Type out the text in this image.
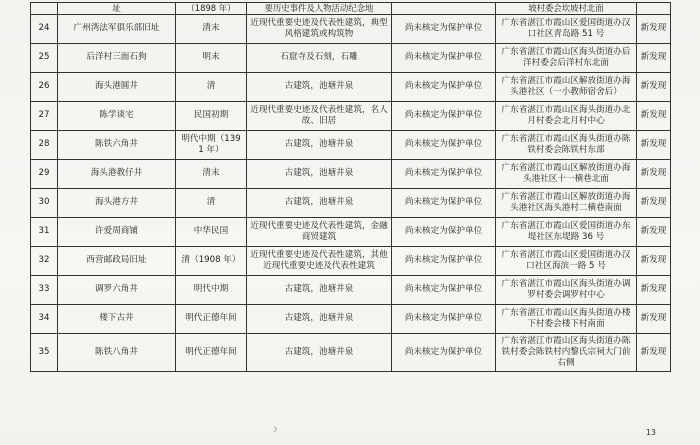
	址	（1898 年）	要历史事件及人物活动纪念地		坡村委会坎坡村北面	
24	广州湾法军俱乐部旧址	清末	近现代重要史迹及代表性建筑，典型风格建筑或构筑物	尚未核定为保护单位	广东省湛江市霞山区爱国街道办汉口社区青岛路 51 号	新发现
25	后洋村三面石狗	明末	石窟寺及石刻，石雕	尚未核定为保护单位	广东省湛江市霞山区海头街道办后洋村委会后洋村东北面	新发现
26	海头港圆井	清	古建筑，池塘井泉	尚未核定为保护单位	广东省湛江市霞山区解放街道办海头港社区（一小教师宿舍后）	新发现
27	陈学谈宅	民国初期	近现代重要史迹及代表性建筑，名人故、旧居	尚未核定为保护单位	广东省湛江市霞山区海头街道办北月村委会北月村中心	新发现
28	陈铁六角井	明代中期（1391 年）	古建筑，池塘井泉	尚未核定为保护单位	广东省湛江市霞山区海头街道办陈铁村委会陈铁村东部	新发现
29	海头港教仔井	清末	古建筑，池塘井泉	尚未核定为保护单位	广东省湛江市霞山区解放街道办海头港社区十一横巷北面	新发现
30	海头港方井	清	古建筑，池塘井泉	尚未核定为保护单位	广东省湛江市霞山区解放街道办海头港社区海头港村二横巷南面	新发现
31	许爱周商铺	中华民国	近现代重要史迹及代表性建筑，金融商贸建筑	尚未核定为保护单位	广东省湛江市霞山区爱国街道办东堤社区东堤路 36 号	新发现
32	西营邮政局旧址	清（1908 年）	近现代重要史迹及代表性建筑，其他近现代重要史迹及代表性建筑	尚未核定为保护单位	广东省湛江市霞山区爱国街道办汉口社区海滨一路 5 号	新发现
33	调罗六角井	明代中期	古建筑，池塘井泉	尚未核定为保护单位	广东省湛江市霞山区海头街道办调罗村委会调罗村中心	新发现
34	楼下古井	明代正德年间	古建筑，池塘井泉	尚未核定为保护单位	广东省湛江市霞山区海头街道办楼下村委会楼下村南面	新发现
35	陈铁八角井	明代正德年间	古建筑，池塘井泉	尚未核定为保护单位	广东省湛江市霞山区海头街道办陈铁村委会陈铁村内黎氏宗祠大门前右侧	新发现
☽	13
